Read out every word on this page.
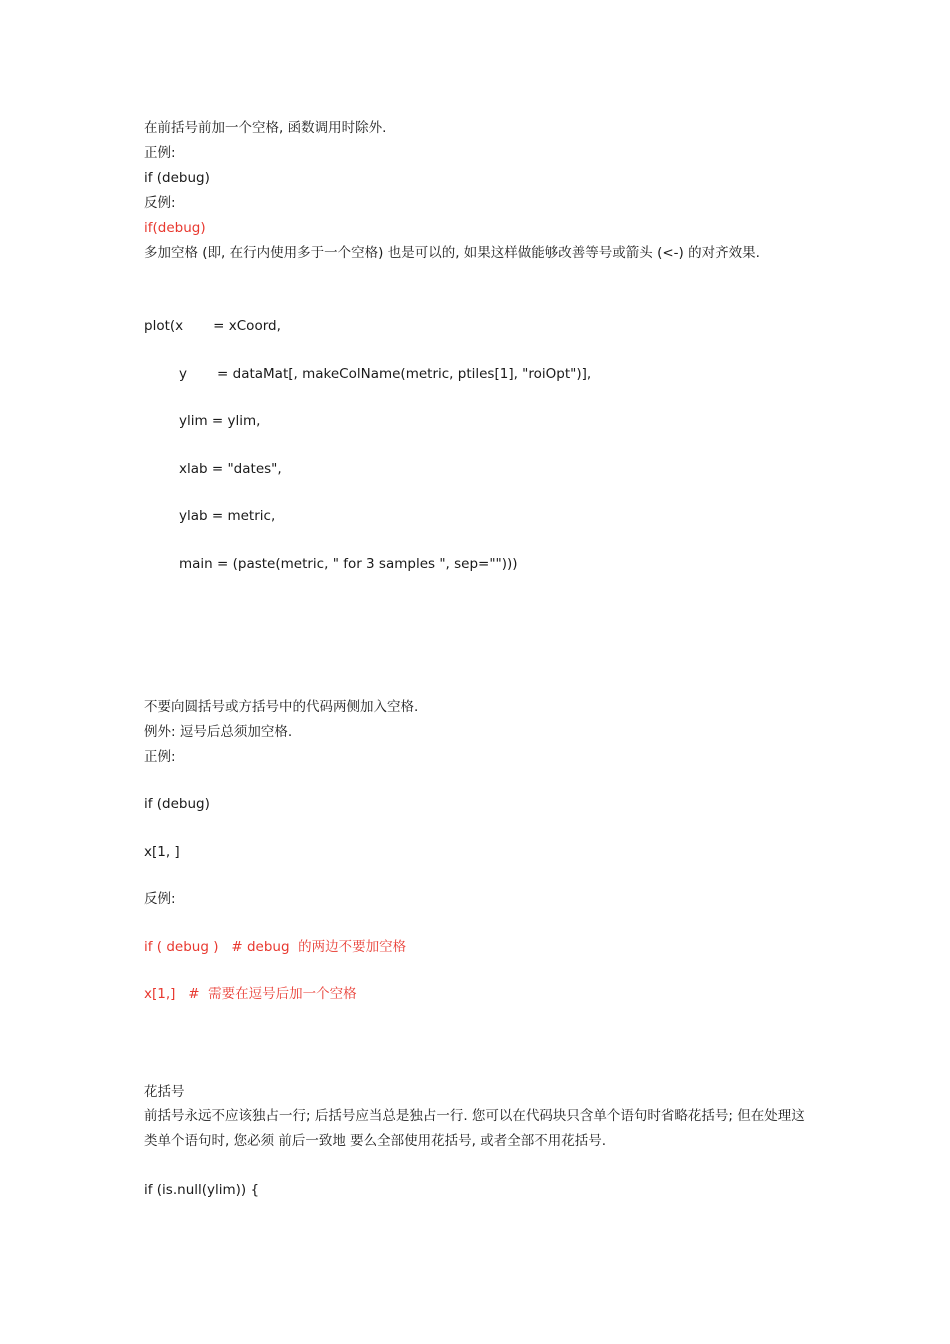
在前括号前加一个空格, 函数调用时除外.

正例:

if (debug)

反例:

if(debug)

多加空格 (即, 在行内使用多于一个空格) 也是可以的, 如果这样做能够改善等号或箭头 (<-) 的对齐效果.

plot(x       = xCoord,

y       = dataMat[, makeColName(metric, ptiles[1], "roiOpt")],

ylim = ylim,

xlab = "dates",

ylab = metric,

main = (paste(metric, " for 3 samples ", sep="")))

不要向圆括号或方括号中的代码两侧加入空格.

例外: 逗号后总须加空格.

正例:

if (debug)

x[1, ]

反例:

if ( debug )   # debug  的两边不要加空格

x[1,]   #  需要在逗号后加一个空格

花括号

前括号永远不应该独占一行; 后括号应当总是独占一行. 您可以在代码块只含单个语句时省略花括号; 但在处理这类单个语句时, 您必须 前后一致地 要么全部使用花括号, 或者全部不用花括号.

if (is.null(ylim)) {
